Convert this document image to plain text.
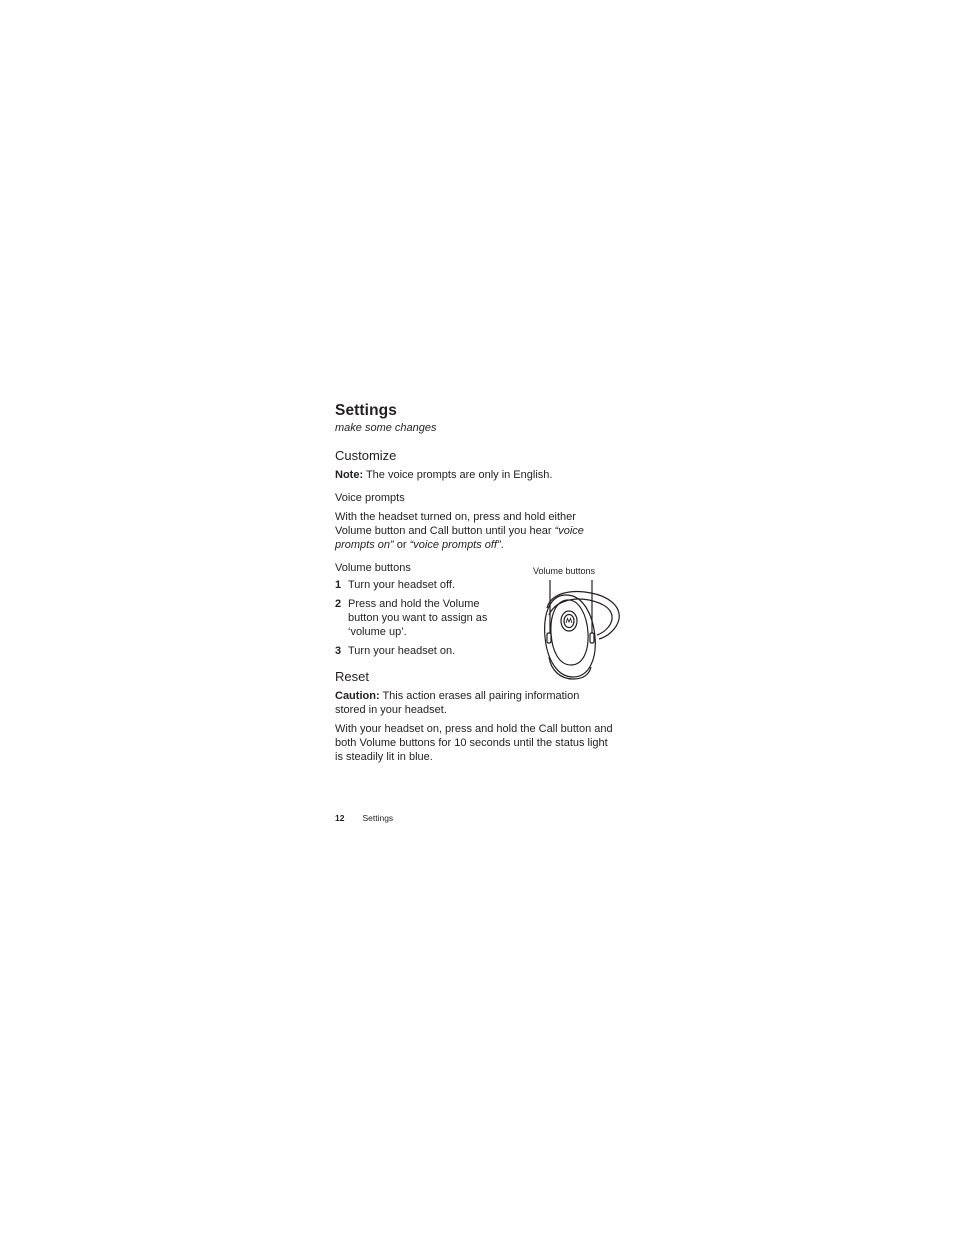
Settings
make some changes
Customize

Note: The voice prompts are only in English.

Voice prompts

With the headset turned on, press and hold either
Volume button and Call button until you hear “voice
prompts on” or “voice prompts off”.

Volume buttons

1 Turn your headset off.
2 Press and hold the Volume button you want to assign as ‘volume up’.
3 Turn your headset on.
Volume buttons
Reset

Caution: This action erases all pairing information stored in your headset.

With your headset on, press and hold the Call button and both Volume buttons for 10 seconds until the status light is steadily lit in blue.

12 Settings
